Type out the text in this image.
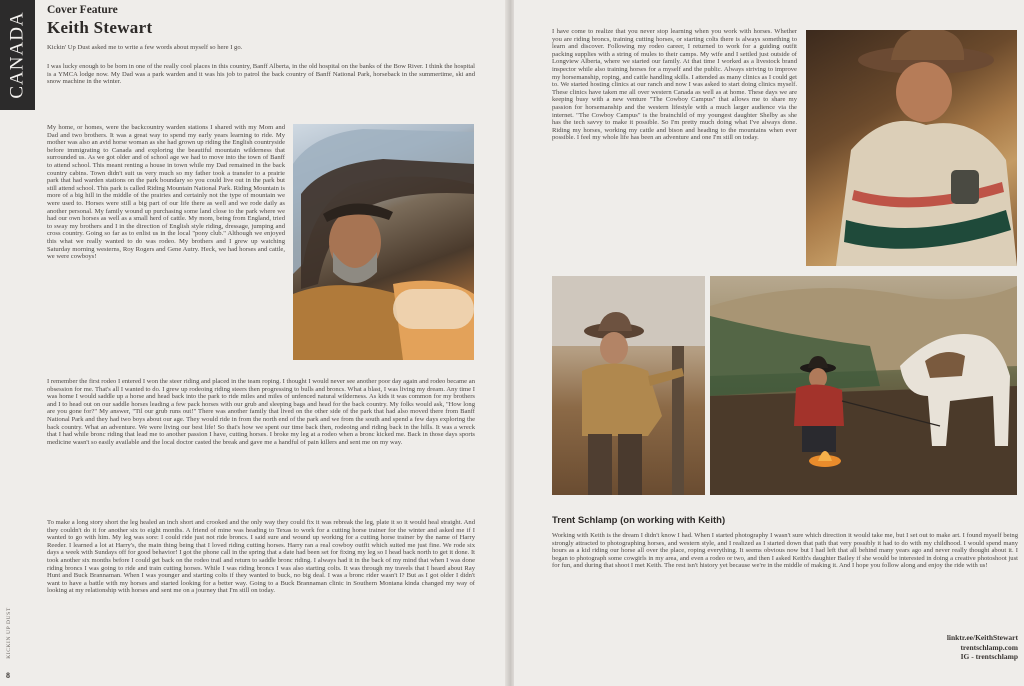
CANADA
Cover Feature
Keith Stewart

Kickin' Up Dust asked me to write a few words about myself so here I go.

I was lucky enough to be born in one of the really cool places in this country, Banff Alberta, in the old hospital on the banks of the Bow River. I think the hospital is a YMCA lodge now. My Dad was a park warden and it was his job to patrol the back country of Banff National Park, horseback in the summertime, ski and snow machine in the winter.

My home, or homes, were the backcountry warden stations I shared with my Mom and Dad and two brothers. It was a great way to spend my early years learning to ride. My mother was also an avid horse woman as she had grown up riding the English countryside before immigrating to Canada and exploring the beautiful mountain wilderness that surrounded us. As we got older and of school age we had to move into the town of Banff to attend school. This meant renting a house in town while my Dad remained in the back country cabins. Town didn't suit us very much so my father took a transfer to a prairie park that had warden stations on the park boundary so you could live out in the park but still attend school. This park is called Riding Mountain National Park. Riding Mountain is more of a big hill in the middle of the prairies and certainly not the type of mountain we were used to. Horses were still a big part of our life there as well and we rode daily as another personal. My family wound up purchasing some land close to the park where we had our own horses as well as a small herd of cattle. My mom, being from England, tried to sway my brothers and I in the direction of English style riding, dressage, jumping and cross country. Going so far as to enlist us in the local "pony club." Although we enjoyed this what we really wanted to do was rodeo. My brothers and I grew up watching Saturday morning westerns, Roy Rogers and Gene Autry. Heck, we had horses and cattle, we were cowboys!

I remember the first rodeo I entered I won the steer riding and placed in the team roping. I thought I would never see another poor day again and rodeo became an obsession for me. That's all I wanted to do. I grew up rodeoing riding steers then progressing to bulls and broncs. What a blast, I was living my dream. Any time I was home I would saddle up a horse and head back into the park to ride miles and miles of unfenced natural wilderness. As kids it was common for my brothers and I to head out on our saddle horses leading a few pack horses with our grub and sleeping bags and head for the back country. My folks would ask, "How long are you gone for?" My answer, "Til our grub runs out!" There was another family that lived on the other side of the park that had also moved there from Banff National Park and they had two boys about our age. They would ride in from the north end of the park and we from the south and spend a few days exploring the back country. What an adventure. We were living our best life! So that's how we spent our time back then, rodeoing and riding back in the hills. It was a wreck that I had while bronc riding that lead me to another passion I have, cutting horses. I broke my leg at a rodeo when a bronc kicked me. Back in those days sports medicine wasn't so easily available and the local doctor casted the break and gave me a handful of pain killers and sent me on my way.

To make a long story short the leg healed an inch short and crooked and the only way they could fix it was rebreak the leg, plate it so it would heal straight. And they couldn't do it for another six to eight months. A friend of mine was heading to Texas to work for a cutting horse trainer for the winter and asked me if I wanted to go with him. My leg was sore: I could ride just not ride broncs. I said sure and wound up working for a cutting horse trainer by the name of Harry Reeder. I learned a lot at Harry's, the main thing being that I loved riding cutting horses. Harry ran a real cowboy outfit which suited me just fine. We rode six days a week with Sundays off for good behavior! I got the phone call in the spring that a date had been set for fixing my leg so I head back north to get it done. It took another six months before I could get back on the rodeo trail and return to saddle bronc riding. I always had it in the back of my mind that when I was done riding broncs I was going to ride and train cutting horses. While I was riding broncs I was also starting colts. It was through my travels that I heard about Ray Hunt and Buck Brannaman. When I was younger and starting colts if they wanted to buck, no big deal. I was a bronc rider wasn't I? But as I got older I didn't want to have a battle with my horses and started looking for a better way. Going to a Buck Brannaman clinic in Southern Montana kinda changed my way of looking at my relationship with horses and sent me on a journey that I'm still on today.

KICKIN UP DUST
8

I have come to realize that you never stop learning when you work with horses. Whether you are riding broncs, training cutting horses, or starting colts there is always something to learn and discover. Following my rodeo career, I returned to work for a guiding outfit packing supplies with a string of mules to their camps. My wife and I settled just outside of Longview Alberta, where we started our family. At that time I worked as a livestock brand inspector while also training horses for a myself and the public. Always striving to improve my horsemanship, roping, and cattle handling skills. I attended as many clinics as I could get to. We started hosting clinics at our ranch and now I was asked to start doing clinics myself. These clinics have taken me all over western Canada as well as at home. These days we are keeping busy with a new venture "The Cowboy Campus" that allows me to share my passion for horsemanship and the western lifestyle with a much larger audience via the internet. "The Cowboy Campus" is the brainchild of my youngest daughter Shelby as she has the tech savvy to make it possible. So I'm pretty much doing what I've always done. Riding my horses, working my cattle and bison and heading to the mountains when ever possible. I feel my whole life has been an adventure and one I'm still on today.

Trent Schlamp (on working with Keith)

Working with Keith is the dream I didn't know I had. When I started photography I wasn't sure which direction it would take me, but I set out to make art. I found myself being strongly attracted to photographing horses, and western style, and I realized as I started down that path that very possibly it had to do with my childhood. I would spend many hours as a kid riding our horse all over the place, roping everything. It seems obvious now but I had left that all behind many years ago and never really thought about it. I began to photograph some cowgirls in my area, and even a rodeo or two, and then I asked Keith's daughter Bailey if she would be interested in doing a creative photoshoot just for fun, and during that shoot I met Keith. The rest isn't history yet because we're in the middle of making it. And I hope you follow along and enjoy the ride with us!

linktr.ee/KeithStewart
trentschlamp.com
IG - trentschlamp
